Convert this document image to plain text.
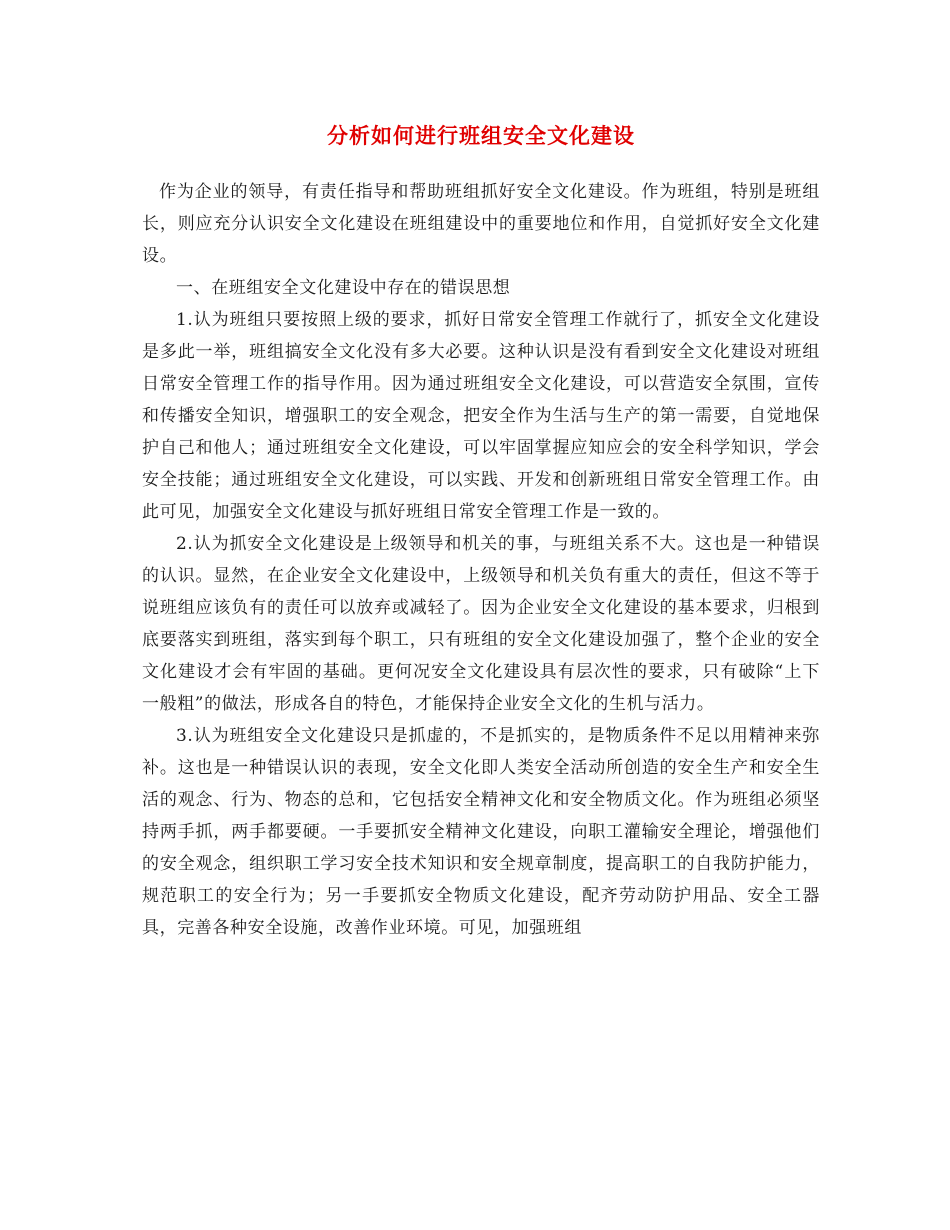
分析如何进行班组安全文化建设

作为企业的领导，有责任指导和帮助班组抓好安全文化建设。作为班组，特别是班组长，则应充分认识安全文化建设在班组建设中的重要地位和作用，自觉抓好安全文化建设。

一、在班组安全文化建设中存在的错误思想

1.认为班组只要按照上级的要求，抓好日常安全管理工作就行了，抓安全文化建设是多此一举，班组搞安全文化没有多大必要。这种认识是没有看到安全文化建设对班组日常安全管理工作的指导作用。因为通过班组安全文化建设，可以营造安全氛围，宣传和传播安全知识，增强职工的安全观念，把安全作为生活与生产的第一需要，自觉地保护自己和他人；通过班组安全文化建设，可以牢固掌握应知应会的安全科学知识，学会安全技能；通过班组安全文化建设，可以实践、开发和创新班组日常安全管理工作。由此可见，加强安全文化建设与抓好班组日常安全管理工作是一致的。

2.认为抓安全文化建设是上级领导和机关的事，与班组关系不大。这也是一种错误的认识。显然，在企业安全文化建设中，上级领导和机关负有重大的责任，但这不等于说班组应该负有的责任可以放弃或减轻了。因为企业安全文化建设的基本要求，归根到底要落实到班组，落实到每个职工，只有班组的安全文化建设加强了，整个企业的安全文化建设才会有牢固的基础。更何况安全文化建设具有层次性的要求，只有破除“上下一般粗”的做法，形成各自的特色，才能保持企业安全文化的生机与活力。

3.认为班组安全文化建设只是抓虚的，不是抓实的，是物质条件不足以用精神来弥补。这也是一种错误认识的表现，安全文化即人类安全活动所创造的安全生产和安全生活的观念、行为、物态的总和，它包括安全精神文化和安全物质文化。作为班组必须坚持两手抓，两手都要硬。一手要抓安全精神文化建设，向职工灌输安全理论，增强他们的安全观念，组织职工学习安全技术知识和安全规章制度，提高职工的自我防护能力，规范职工的安全行为；另一手要抓安全物质文化建设，配齐劳动防护用品、安全工器具，完善各种安全设施，改善作业环境。可见，加强班组
